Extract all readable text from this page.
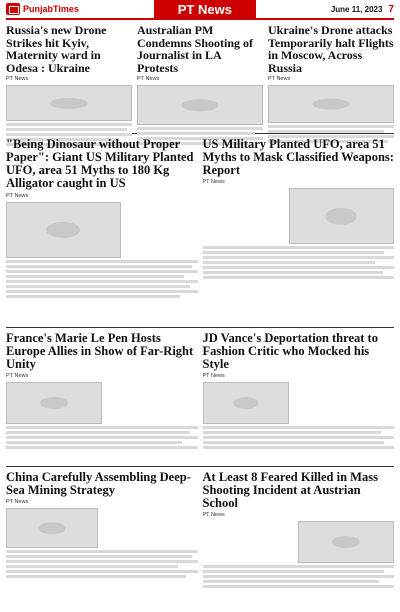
PunjabTimes	PT News	June 11, 2023 7
Russia's new Drone Strikes hit Kyiv, Maternity ward in Odesa : Ukraine
PT News
Australian PM Condemns Shooting of Journalist in LA Protests
PT News
Ukraine's Drone attacks Temporarily halt Flights in Moscow, Across Russia
PT News
"Being Dinosaur without Proper Paper": Giant US Military Planted UFO, area 51 Myths to 180 Kg Alligator caught in US
PT News
US Military Planted UFO, area 51 Myths to Mask Classified Weapons: Report
PT News
France's Marie Le Pen Hosts Europe Allies in Show of Far-Right Unity
PT News
JD Vance's Deportation threat to Fashion Critic who Mocked his Style
PT News
China Carefully Assembling Deep-Sea Mining Strategy
PT News
At Least 8 Feared Killed in Mass Shooting Incident at Austrian School
PT News
